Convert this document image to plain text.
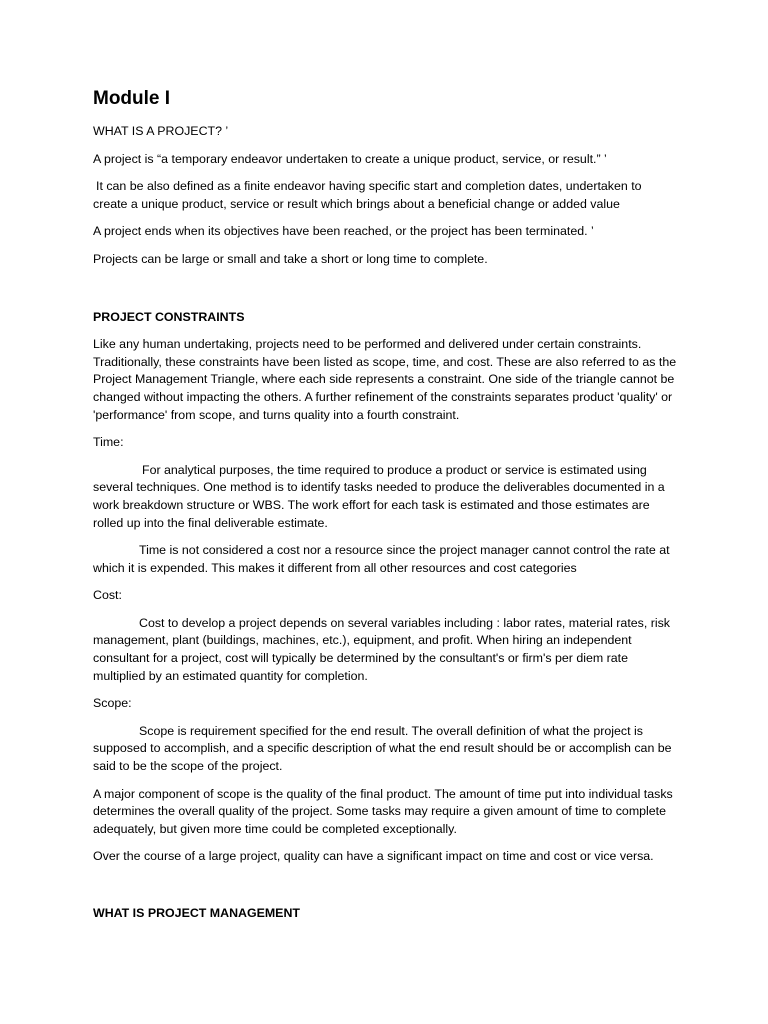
Module I

WHAT IS A PROJECT? ’

A project is “a temporary endeavor undertaken to create a unique product, service, or result.” ’

It can be also defined as a finite endeavor having specific start and completion dates, undertaken to create a unique product, service or result which brings about a beneficial change or added value

A project ends when its objectives have been reached, or the project has been terminated. ’

Projects can be large or small and take a short or long time to complete.

PROJECT CONSTRAINTS

Like any human undertaking, projects need to be performed and delivered under certain constraints. Traditionally, these constraints have been listed as scope, time, and cost. These are also referred to as the Project Management Triangle, where each side represents a constraint. One side of the triangle cannot be changed without impacting the others. A further refinement of the constraints separates product 'quality' or 'performance' from scope, and turns quality into a fourth constraint.

Time:

For analytical purposes, the time required to produce a product or service is estimated using several techniques. One method is to identify tasks needed to produce the deliverables documented in a work breakdown structure or WBS. The work effort for each task is estimated and those estimates are rolled up into the final deliverable estimate.

Time is not considered a cost nor a resource since the project manager cannot control the rate at which it is expended. This makes it different from all other resources and cost categories

Cost:

Cost to develop a project depends on several variables including : labor rates, material rates, risk management, plant (buildings, machines, etc.), equipment, and profit. When hiring an independent consultant for a project, cost will typically be determined by the consultant's or firm's per diem rate multiplied by an estimated quantity for completion.

Scope:

Scope is requirement specified for the end result. The overall definition of what the project is supposed to accomplish, and a specific description of what the end result should be or accomplish can be said to be the scope of the project.

A major component of scope is the quality of the final product. The amount of time put into individual tasks determines the overall quality of the project. Some tasks may require a given amount of time to complete adequately, but given more time could be completed exceptionally.

Over the course of a large project, quality can have a significant impact on time and cost or vice versa.

WHAT IS PROJECT MANAGEMENT
